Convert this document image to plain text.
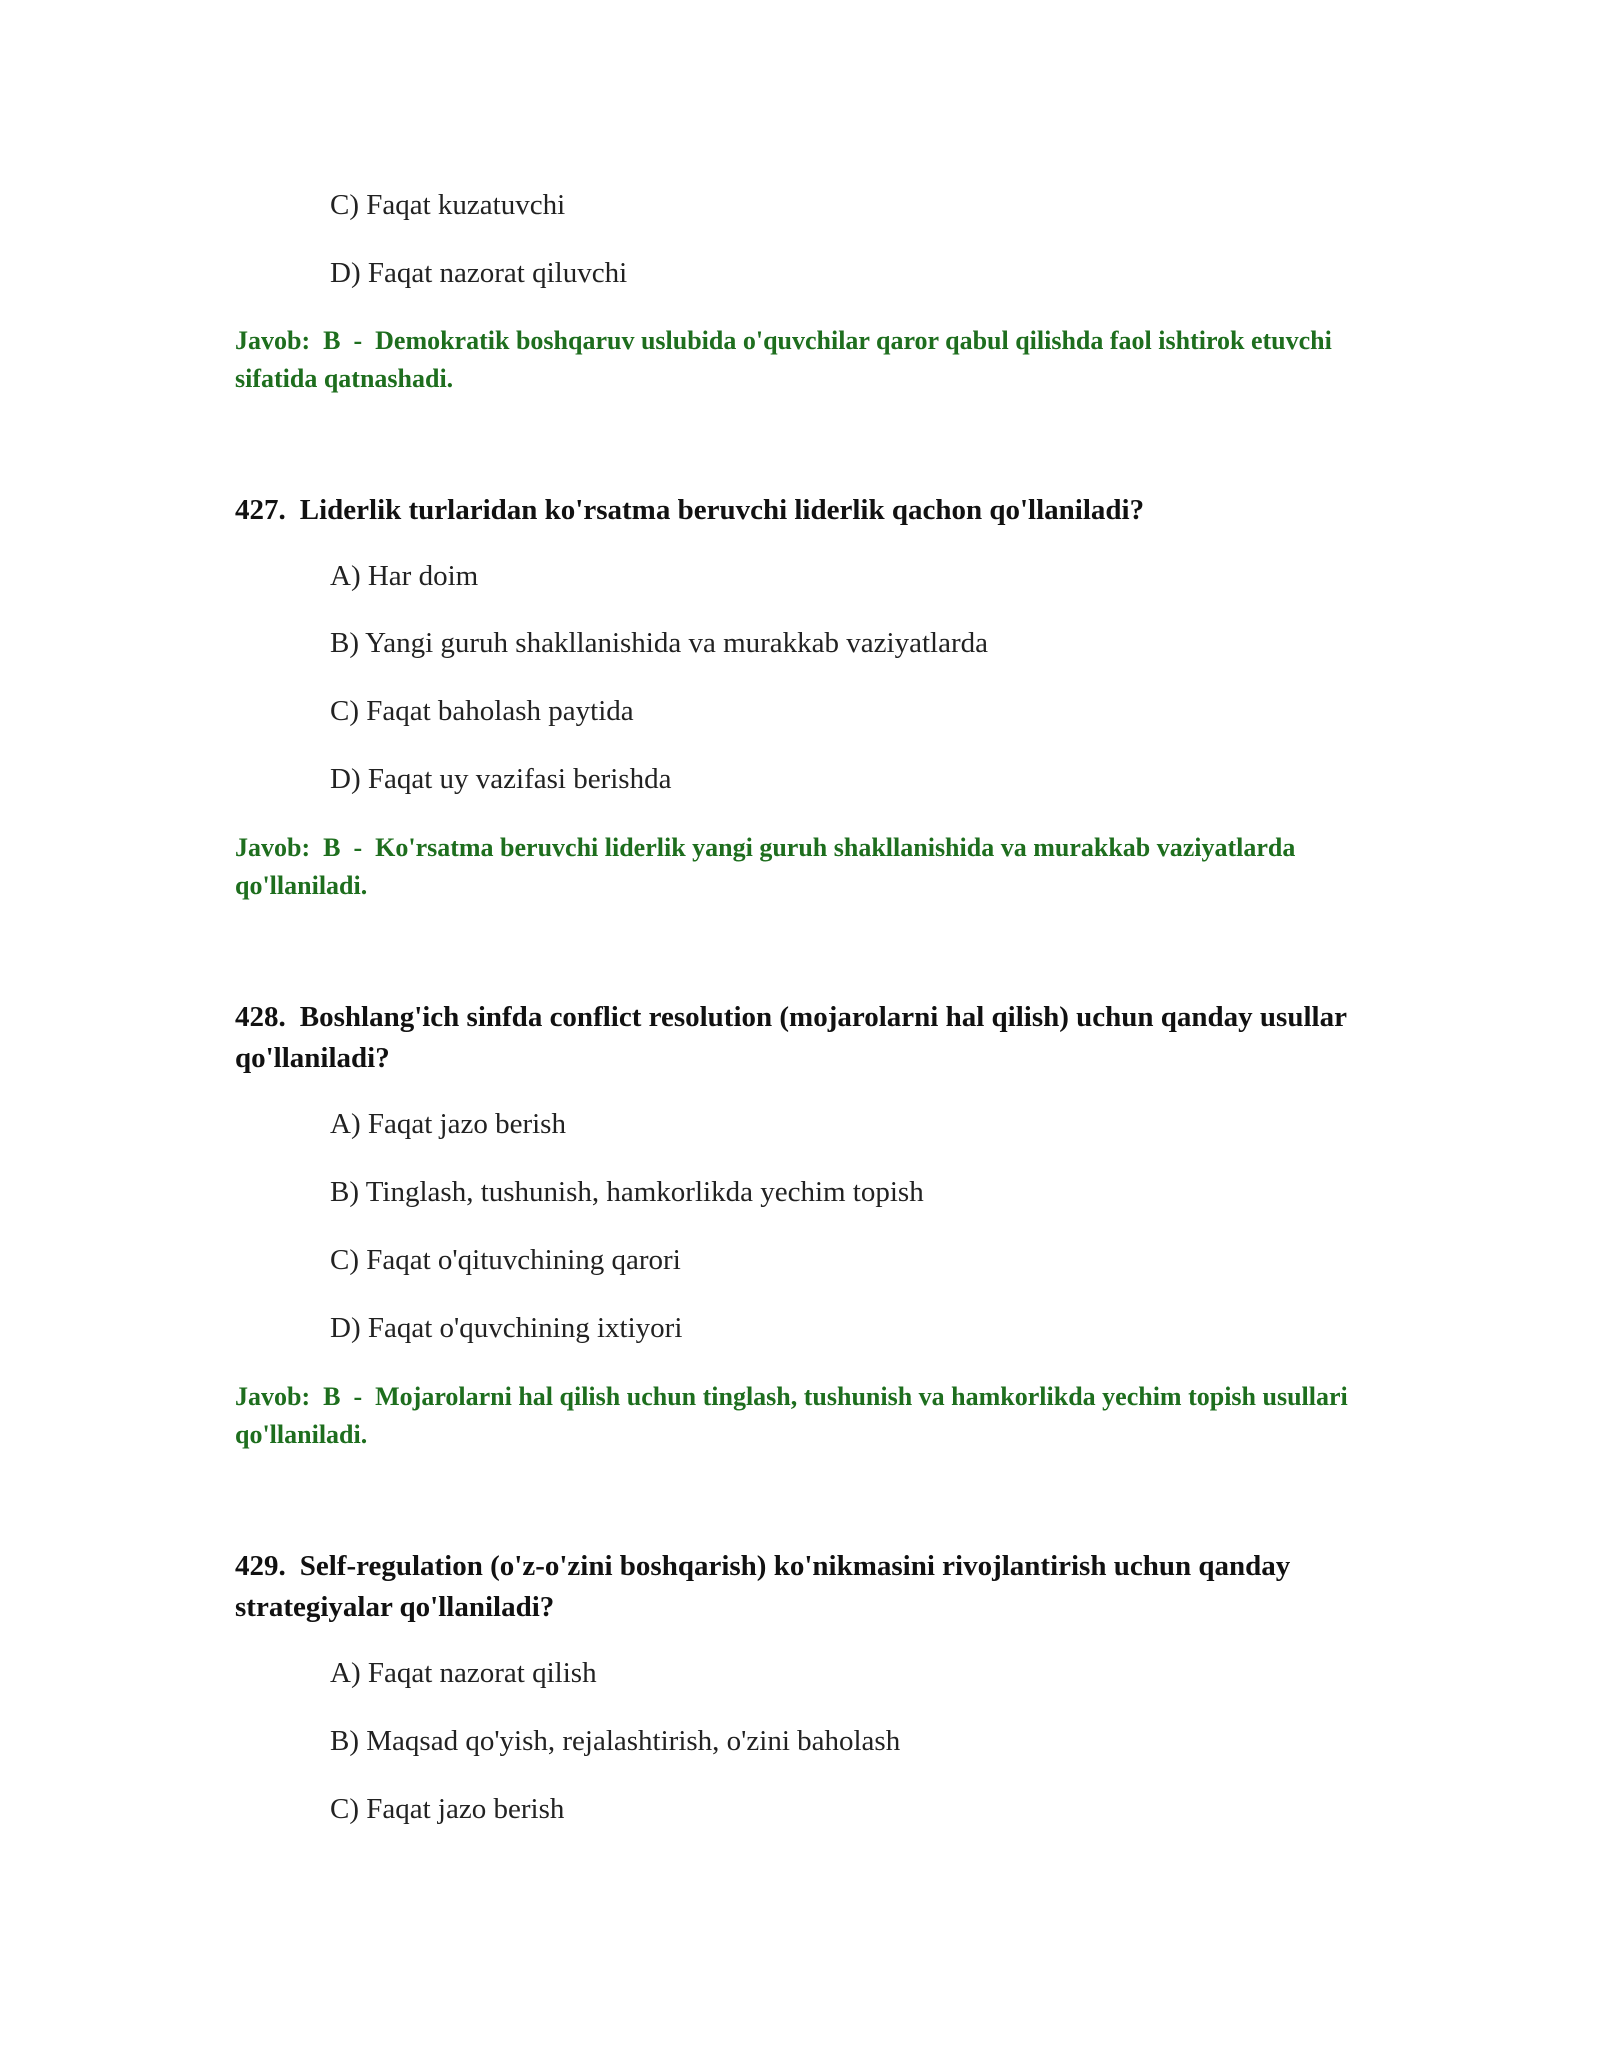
C) Faqat kuzatuvchi
D) Faqat nazorat qiluvchi
Javob:  B  -  Demokratik boshqaruv uslubida o'quvchilar qaror qabul qilishda faol ishtirok etuvchi sifatida qatnashadi.
427. Liderlik turlaridan ko'rsatma beruvchi liderlik qachon qo'llaniladi?
A) Har doim
B) Yangi guruh shakllanishida va murakkab vaziyatlarda
C) Faqat baholash paytida
D) Faqat uy vazifasi berishda
Javob:  B  -  Ko'rsatma beruvchi liderlik yangi guruh shakllanishida va murakkab vaziyatlarda qo'llaniladi.
428. Boshlang'ich sinfda conflict resolution (mojarolarni hal qilish) uchun qanday usullar qo'llaniladi?
A) Faqat jazo berish
B) Tinglash, tushunish, hamkorlikda yechim topish
C) Faqat o'qituvchining qarori
D) Faqat o'quvchining ixtiyori
Javob:  B  -  Mojarolarni hal qilish uchun tinglash, tushunish va hamkorlikda yechim topish usullari qo'llaniladi.
429. Self-regulation (o'z-o'zini boshqarish) ko'nikmasini rivojlantirish uchun qanday strategiyalar qo'llaniladi?
A) Faqat nazorat qilish
B) Maqsad qo'yish, rejalashtirish, o'zini baholash
C) Faqat jazo berish
